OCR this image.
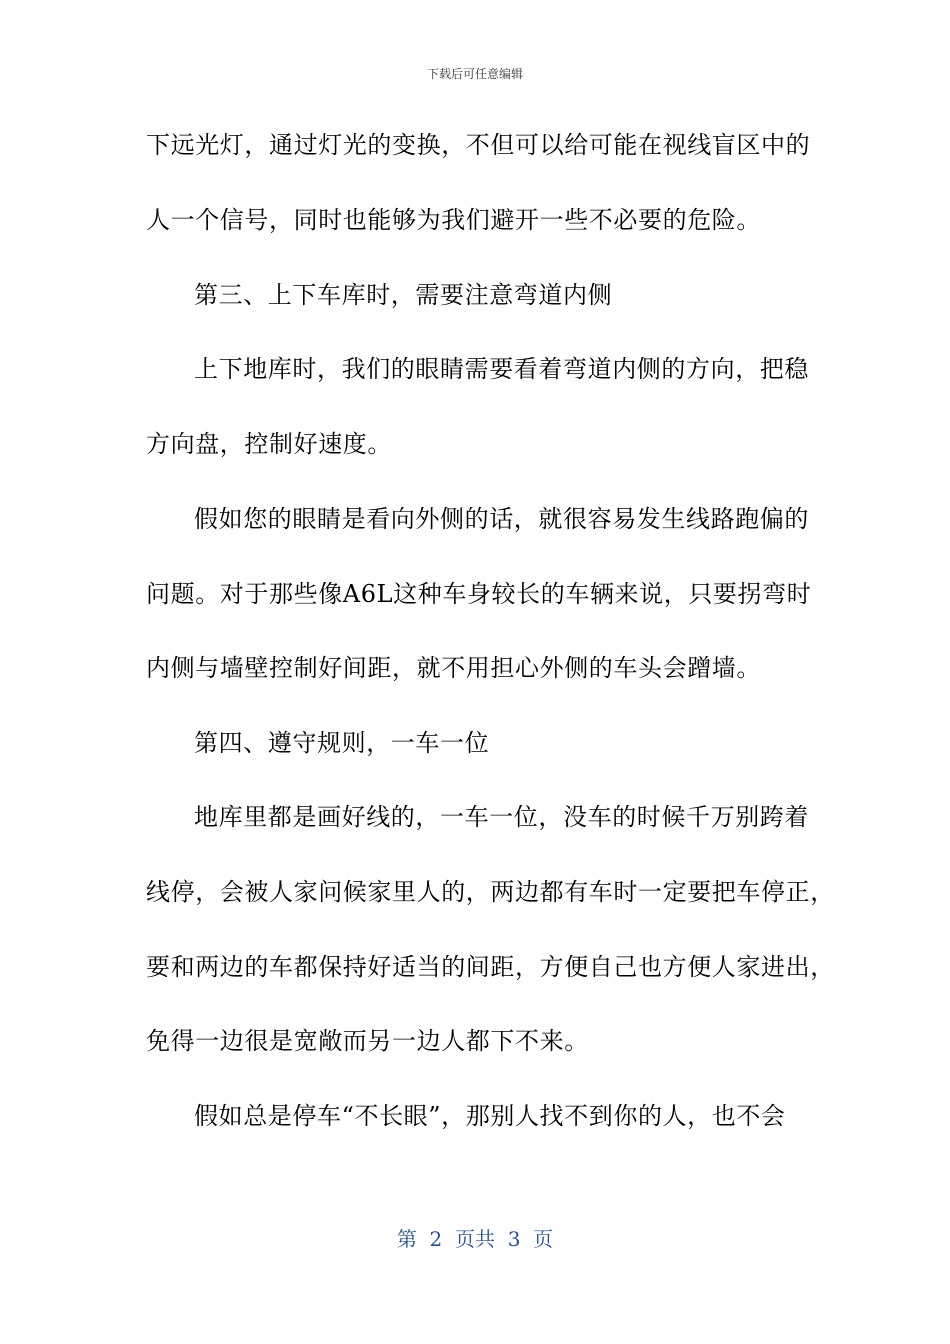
下载后可任意编辑
下远光灯，通过灯光的变换，不但可以给可能在视线盲区中的
人一个信号，同时也能够为我们避开一些不必要的危险。
第三、上下车库时，需要注意弯道内侧
上下地库时，我们的眼睛需要看着弯道内侧的方向，把稳
方向盘，控制好速度。
假如您的眼睛是看向外侧的话，就很容易发生线路跑偏的
问题。对于那些像A6L这种车身较长的车辆来说，只要拐弯时
内侧与墙壁控制好间距，就不用担心外侧的车头会蹭墙。
第四、遵守规则，一车一位
地库里都是画好线的，一车一位，没车的时候千万别跨着
线停，会被人家问候家里人的，两边都有车时一定要把车停正，
要和两边的车都保持好适当的间距，方便自己也方便人家进出，
免得一边很是宽敞而另一边人都下不来。
假如总是停车“不长眼”，那别人找不到你的人，也不会
第  2  页共  3  页
